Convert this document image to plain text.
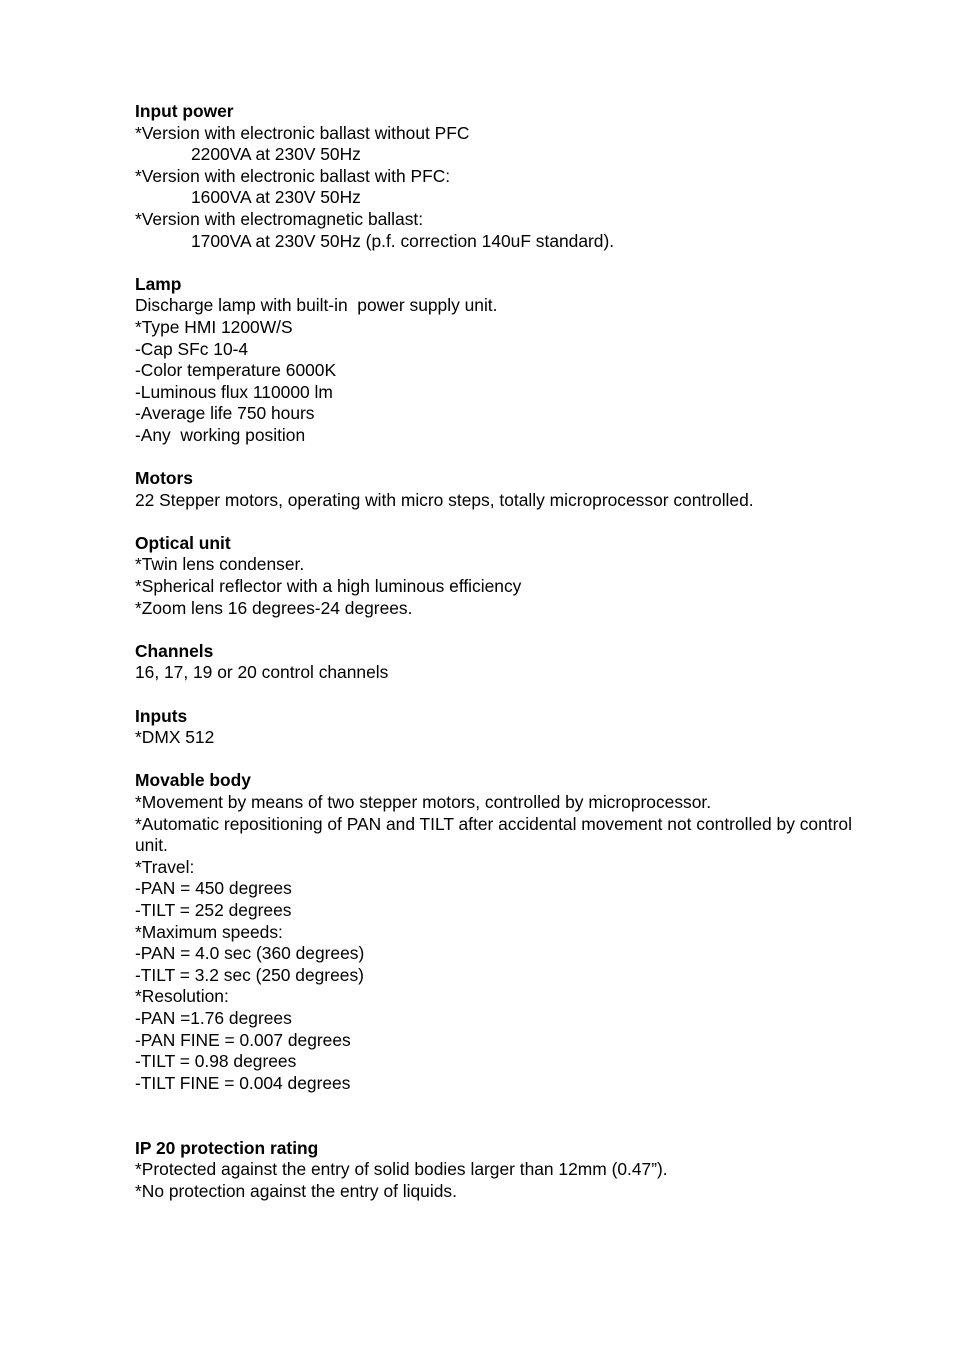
Input power
*Version with electronic ballast without PFC
2200VA at 230V 50Hz
*Version with electronic ballast with PFC:
1600VA at 230V 50Hz
*Version with electromagnetic ballast:
1700VA at 230V 50Hz (p.f. correction 140uF standard).
Lamp
Discharge lamp with built-in  power supply unit.
*Type HMI 1200W/S
-Cap SFc 10-4
-Color temperature 6000K
-Luminous flux 110000 lm
-Average life 750 hours
-Any  working position
Motors
22 Stepper motors, operating with micro steps, totally microprocessor controlled.
Optical unit
*Twin lens condenser.
*Spherical reflector with a high luminous efficiency
*Zoom lens 16 degrees-24 degrees.
Channels
16, 17, 19 or 20 control channels
Inputs
*DMX 512
Movable body
*Movement by means of two stepper motors, controlled by microprocessor.
*Automatic repositioning of PAN and TILT after accidental movement not controlled by control unit.
*Travel:
-PAN = 450 degrees
-TILT = 252 degrees
*Maximum speeds:
-PAN = 4.0 sec (360 degrees)
-TILT = 3.2 sec (250 degrees)
*Resolution:
-PAN =1.76 degrees
-PAN FINE = 0.007 degrees
-TILT = 0.98 degrees
-TILT FINE = 0.004 degrees
IP 20 protection rating
*Protected against the entry of solid bodies larger than 12mm (0.47”).
*No protection against the entry of liquids.
